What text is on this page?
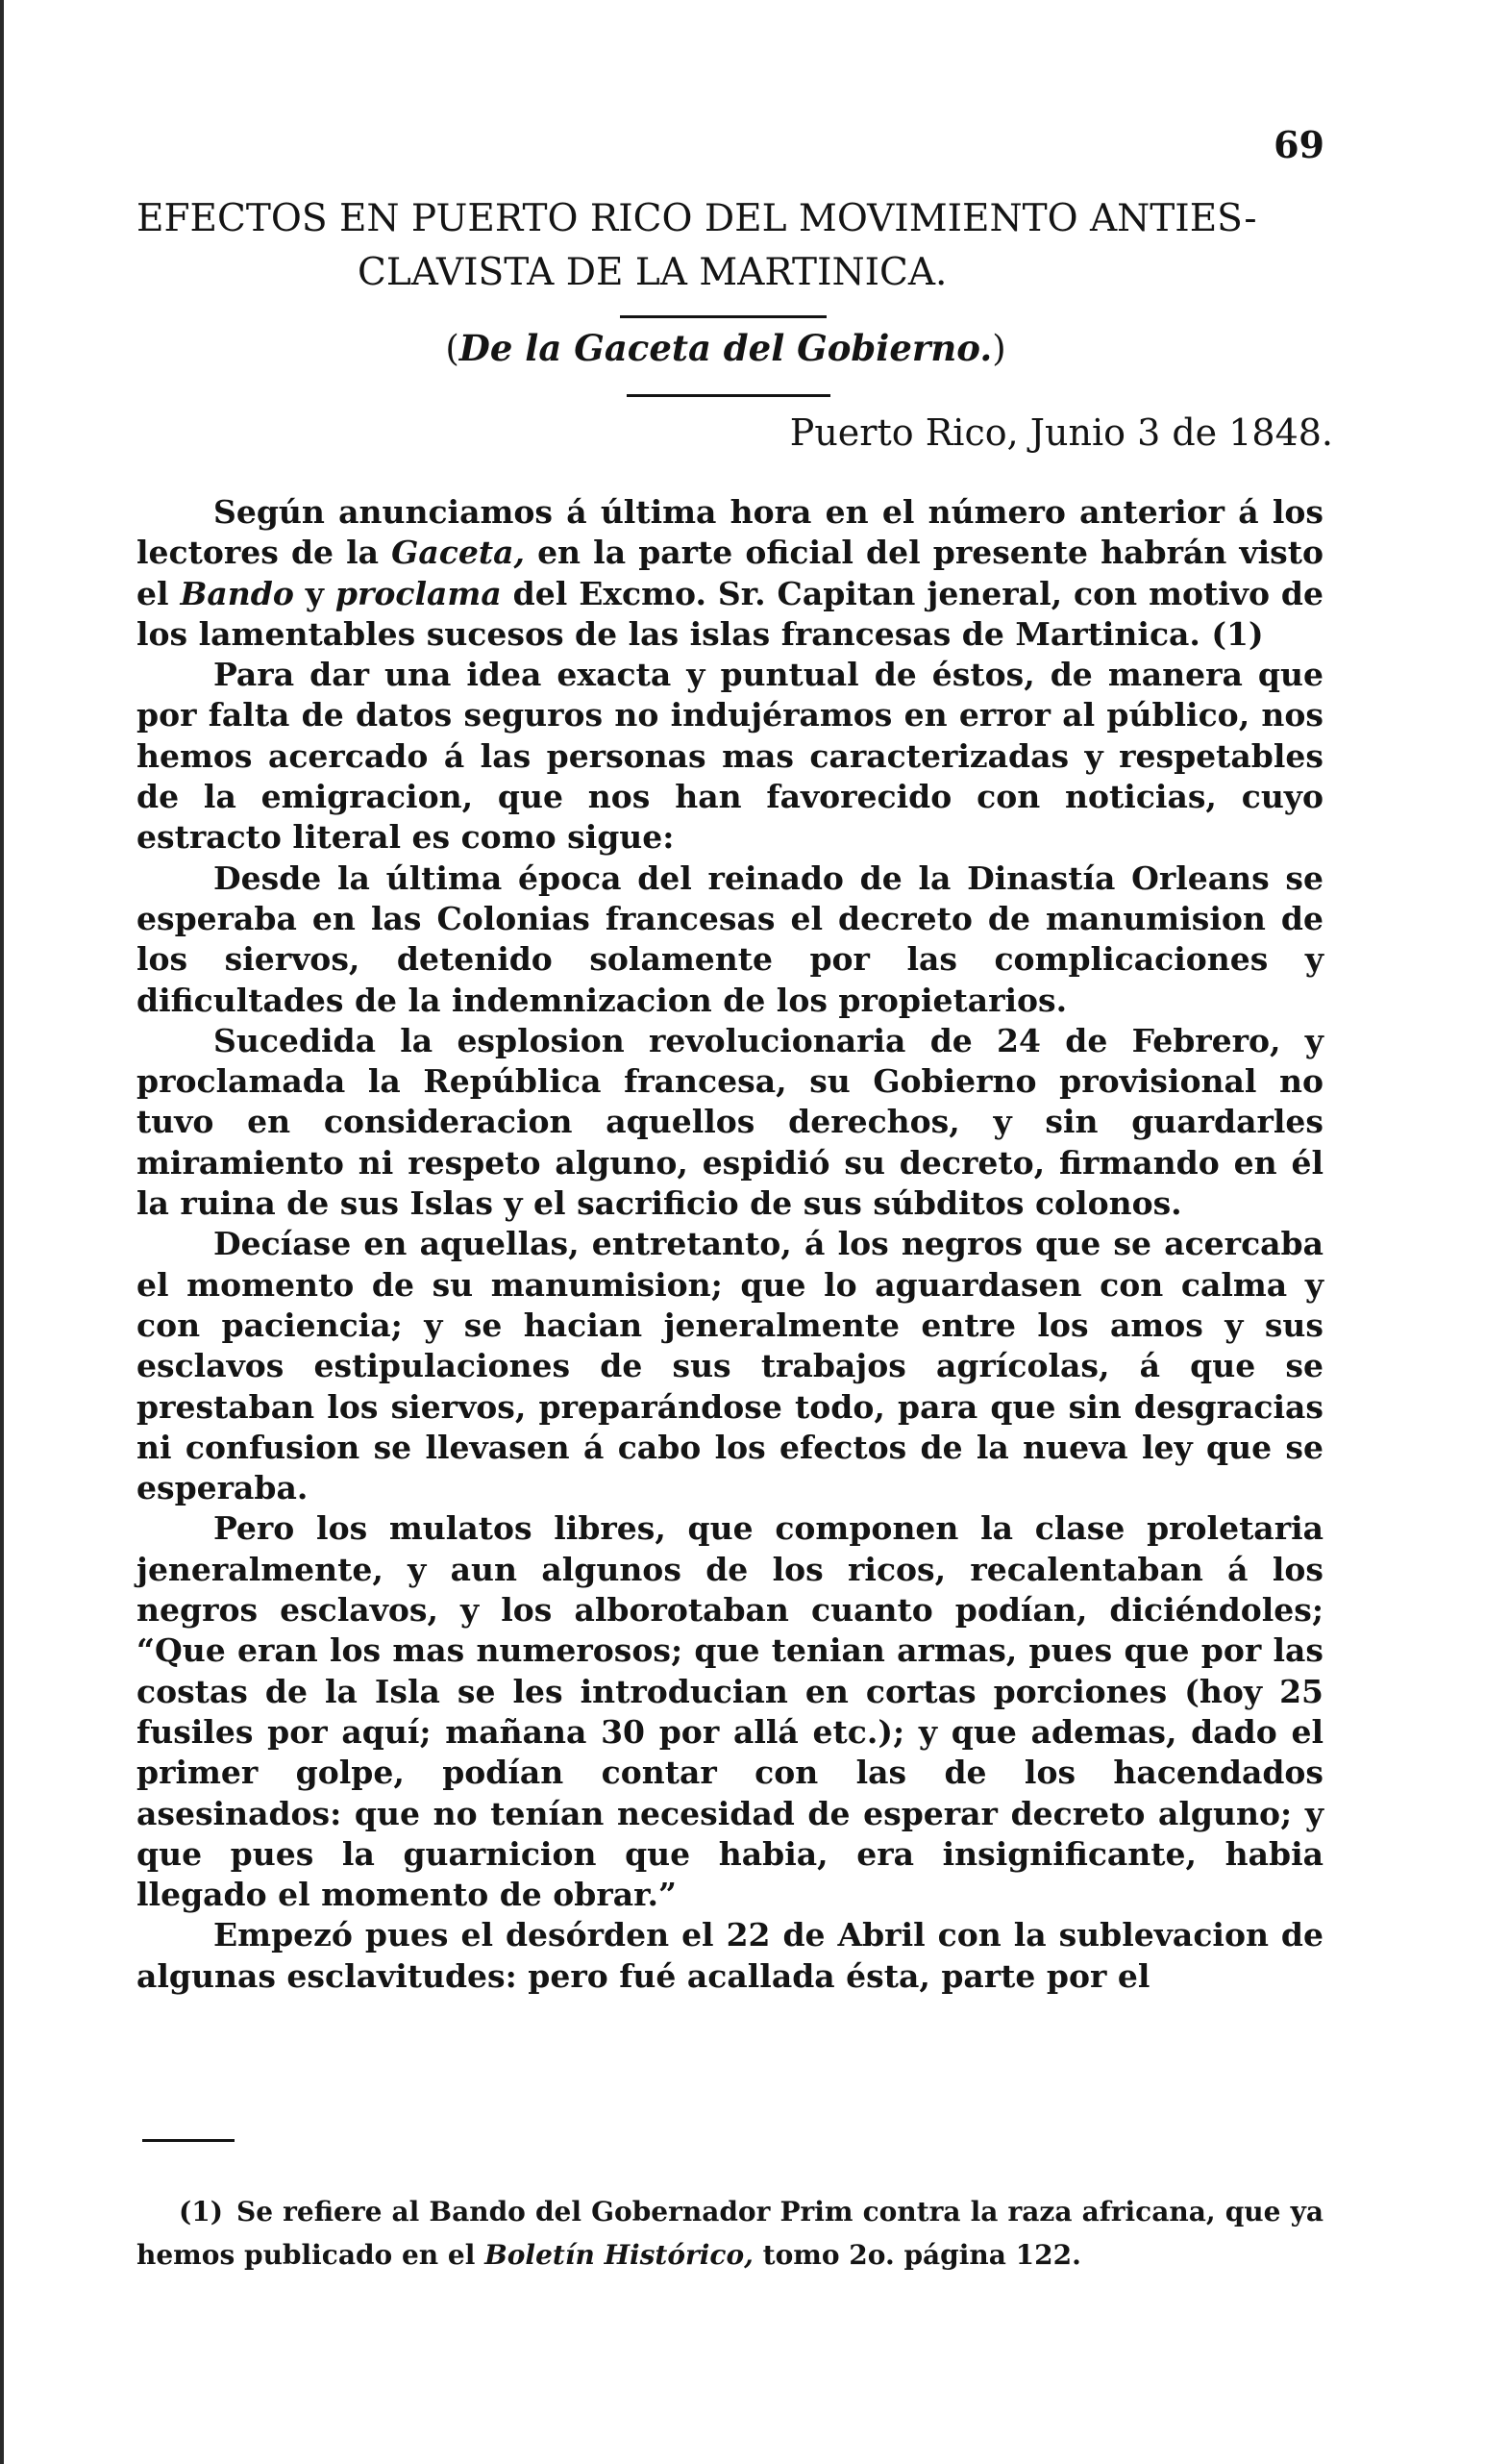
69
EFECTOS EN PUERTO RICO DEL MOVIMIENTO ANTIES-
CLAVISTA DE LA MARTINICA.
(De la Gaceta del Gobierno.)
Puerto Rico, Junio 3 de 1848.

Según anunciamos á última hora en el número anterior á los lectores de la Gaceta, en la parte oficial del presente habrán visto el Bando y proclama del Excmo. Sr. Capitan jeneral, con motivo de los lamentables sucesos de las islas francesas de Martinica. (1)

Para dar una idea exacta y puntual de éstos, de manera que por falta de datos seguros no indujéramos en error al público, nos hemos acercado á las personas mas caracterizadas y respetables de la emigracion, que nos han favorecido con noticias, cuyo estracto literal es como sigue:

Desde la última época del reinado de la Dinastía Orleans se esperaba en las Colonias francesas el decreto de manumision de los siervos, detenido solamente por las complicaciones y dificultades de la indemnizacion de los propietarios.

Sucedida la esplosion revolucionaria de 24 de Febrero, y proclamada la República francesa, su Gobierno provisional no tuvo en consideracion aquellos derechos, y sin guardarles miramiento ni respeto alguno, espidió su decreto, firmando en él la ruina de sus Islas y el sacrificio de sus súbditos colonos.

Decíase en aquellas, entretanto, á los negros que se acercaba el momento de su manumision; que lo aguardasen con calma y con paciencia; y se hacian jeneralmente entre los amos y sus esclavos estipulaciones de sus trabajos agrícolas, á que se prestaban los siervos, preparándose todo, para que sin desgracias ni confusion se llevasen á cabo los efectos de la nueva ley que se esperaba.

Pero los mulatos libres, que componen la clase proletaria jeneralmente, y aun algunos de los ricos, recalentaban á los negros esclavos, y los alborotaban cuanto podían, diciéndoles; “Que eran los mas numerosos; que tenian armas, pues que por las costas de la Isla se les introducian en cortas porciones (hoy 25 fusiles por aquí; mañana 30 por allá etc.); y que ademas, dado el primer golpe, podían contar con las de los hacendados asesinados: que no tenían necesidad de esperar decreto alguno; y que pues la guarnicion que habia, era insignificante, habia llegado el momento de obrar.”

Empezó pues el desórden el 22 de Abril con la sublevacion de algunas esclavitudes: pero fué acallada ésta, parte por el

(1) Se refiere al Bando del Gobernador Prim contra la raza africana, que ya hemos publicado en el Boletín Histórico, tomo 2o. página 122.
